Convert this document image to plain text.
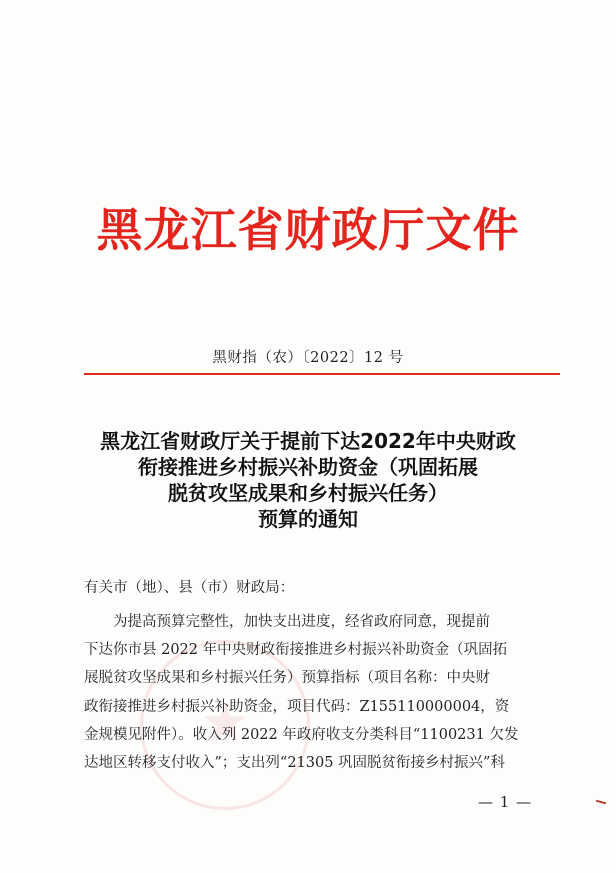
黑龙江省财政厅文件
黑财指（农）〔2022〕12 号
黑龙江省财政厅关于提前下达2022年中央财政
衔接推进乡村振兴补助资金（巩固拓展
脱贫攻坚成果和乡村振兴任务）
预算的通知
有关市（地）、县（市）财政局：
　　为提高预算完整性，加快支出进度，经省政府同意，现提前
下达你市县 2022 年中央财政衔接推进乡村振兴补助资金（巩固拓
展脱贫攻坚成果和乡村振兴任务）预算指标（项目名称：中央财
政衔接推进乡村振兴补助资金，项目代码：Z155110000004，资
金规模见附件）。收入列 2022 年政府收支分类科目“1100231 欠发
达地区转移支付收入”；支出列“21305 巩固脱贫衔接乡村振兴”科
— 1 —
